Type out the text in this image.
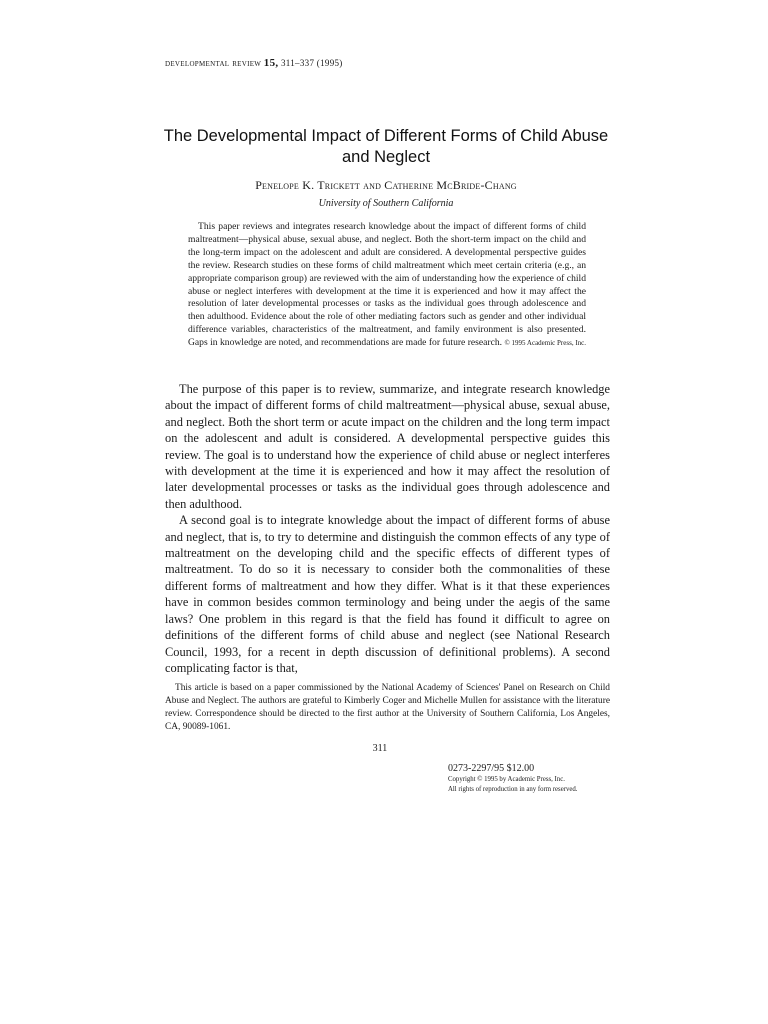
developmental review 15, 311–337 (1995)
The Developmental Impact of Different Forms of Child Abuse and Neglect
Penelope K. Trickett and Catherine McBride-Chang
University of Southern California

This paper reviews and integrates research knowledge about the impact of different forms of child maltreatment—physical abuse, sexual abuse, and neglect. Both the short-term impact on the child and the long-term impact on the adolescent and adult are considered. A developmental perspective guides the review. Research studies on these forms of child maltreatment which meet certain criteria (e.g., an appropriate comparison group) are reviewed with the aim of understanding how the experience of child abuse or neglect interferes with development at the time it is experienced and how it may affect the resolution of later developmental processes or tasks as the individual goes through adolescence and then adulthood. Evidence about the role of other mediating factors such as gender and other individual difference variables, characteristics of the maltreatment, and family environment is also presented. Gaps in knowledge are noted, and recommendations are made for future research. © 1995 Academic Press, Inc.

The purpose of this paper is to review, summarize, and integrate research knowledge about the impact of different forms of child maltreatment—physical abuse, sexual abuse, and neglect. Both the short term or acute impact on the children and the long term impact on the adolescent and adult is considered. A developmental perspective guides this review. The goal is to understand how the experience of child abuse or neglect interferes with development at the time it is experienced and how it may affect the resolution of later developmental processes or tasks as the individual goes through adolescence and then adulthood.

A second goal is to integrate knowledge about the impact of different forms of abuse and neglect, that is, to try to determine and distinguish the common effects of any type of maltreatment on the developing child and the specific effects of different types of maltreatment. To do so it is necessary to consider both the commonalities of these different forms of maltreatment and how they differ. What is it that these experiences have in common besides common terminology and being under the aegis of the same laws? One problem in this regard is that the field has found it difficult to agree on definitions of the different forms of child abuse and neglect (see National Research Council, 1993, for a recent in depth discussion of definitional problems). A second complicating factor is that,

This article is based on a paper commissioned by the National Academy of Sciences' Panel on Research on Child Abuse and Neglect. The authors are grateful to Kimberly Coger and Michelle Mullen for assistance with the literature review. Correspondence should be directed to the first author at the University of Southern California, Los Angeles, CA, 90089-1061.

311
0273-2297/95 $12.00
Copyright © 1995 by Academic Press, Inc.
All rights of reproduction in any form reserved.
